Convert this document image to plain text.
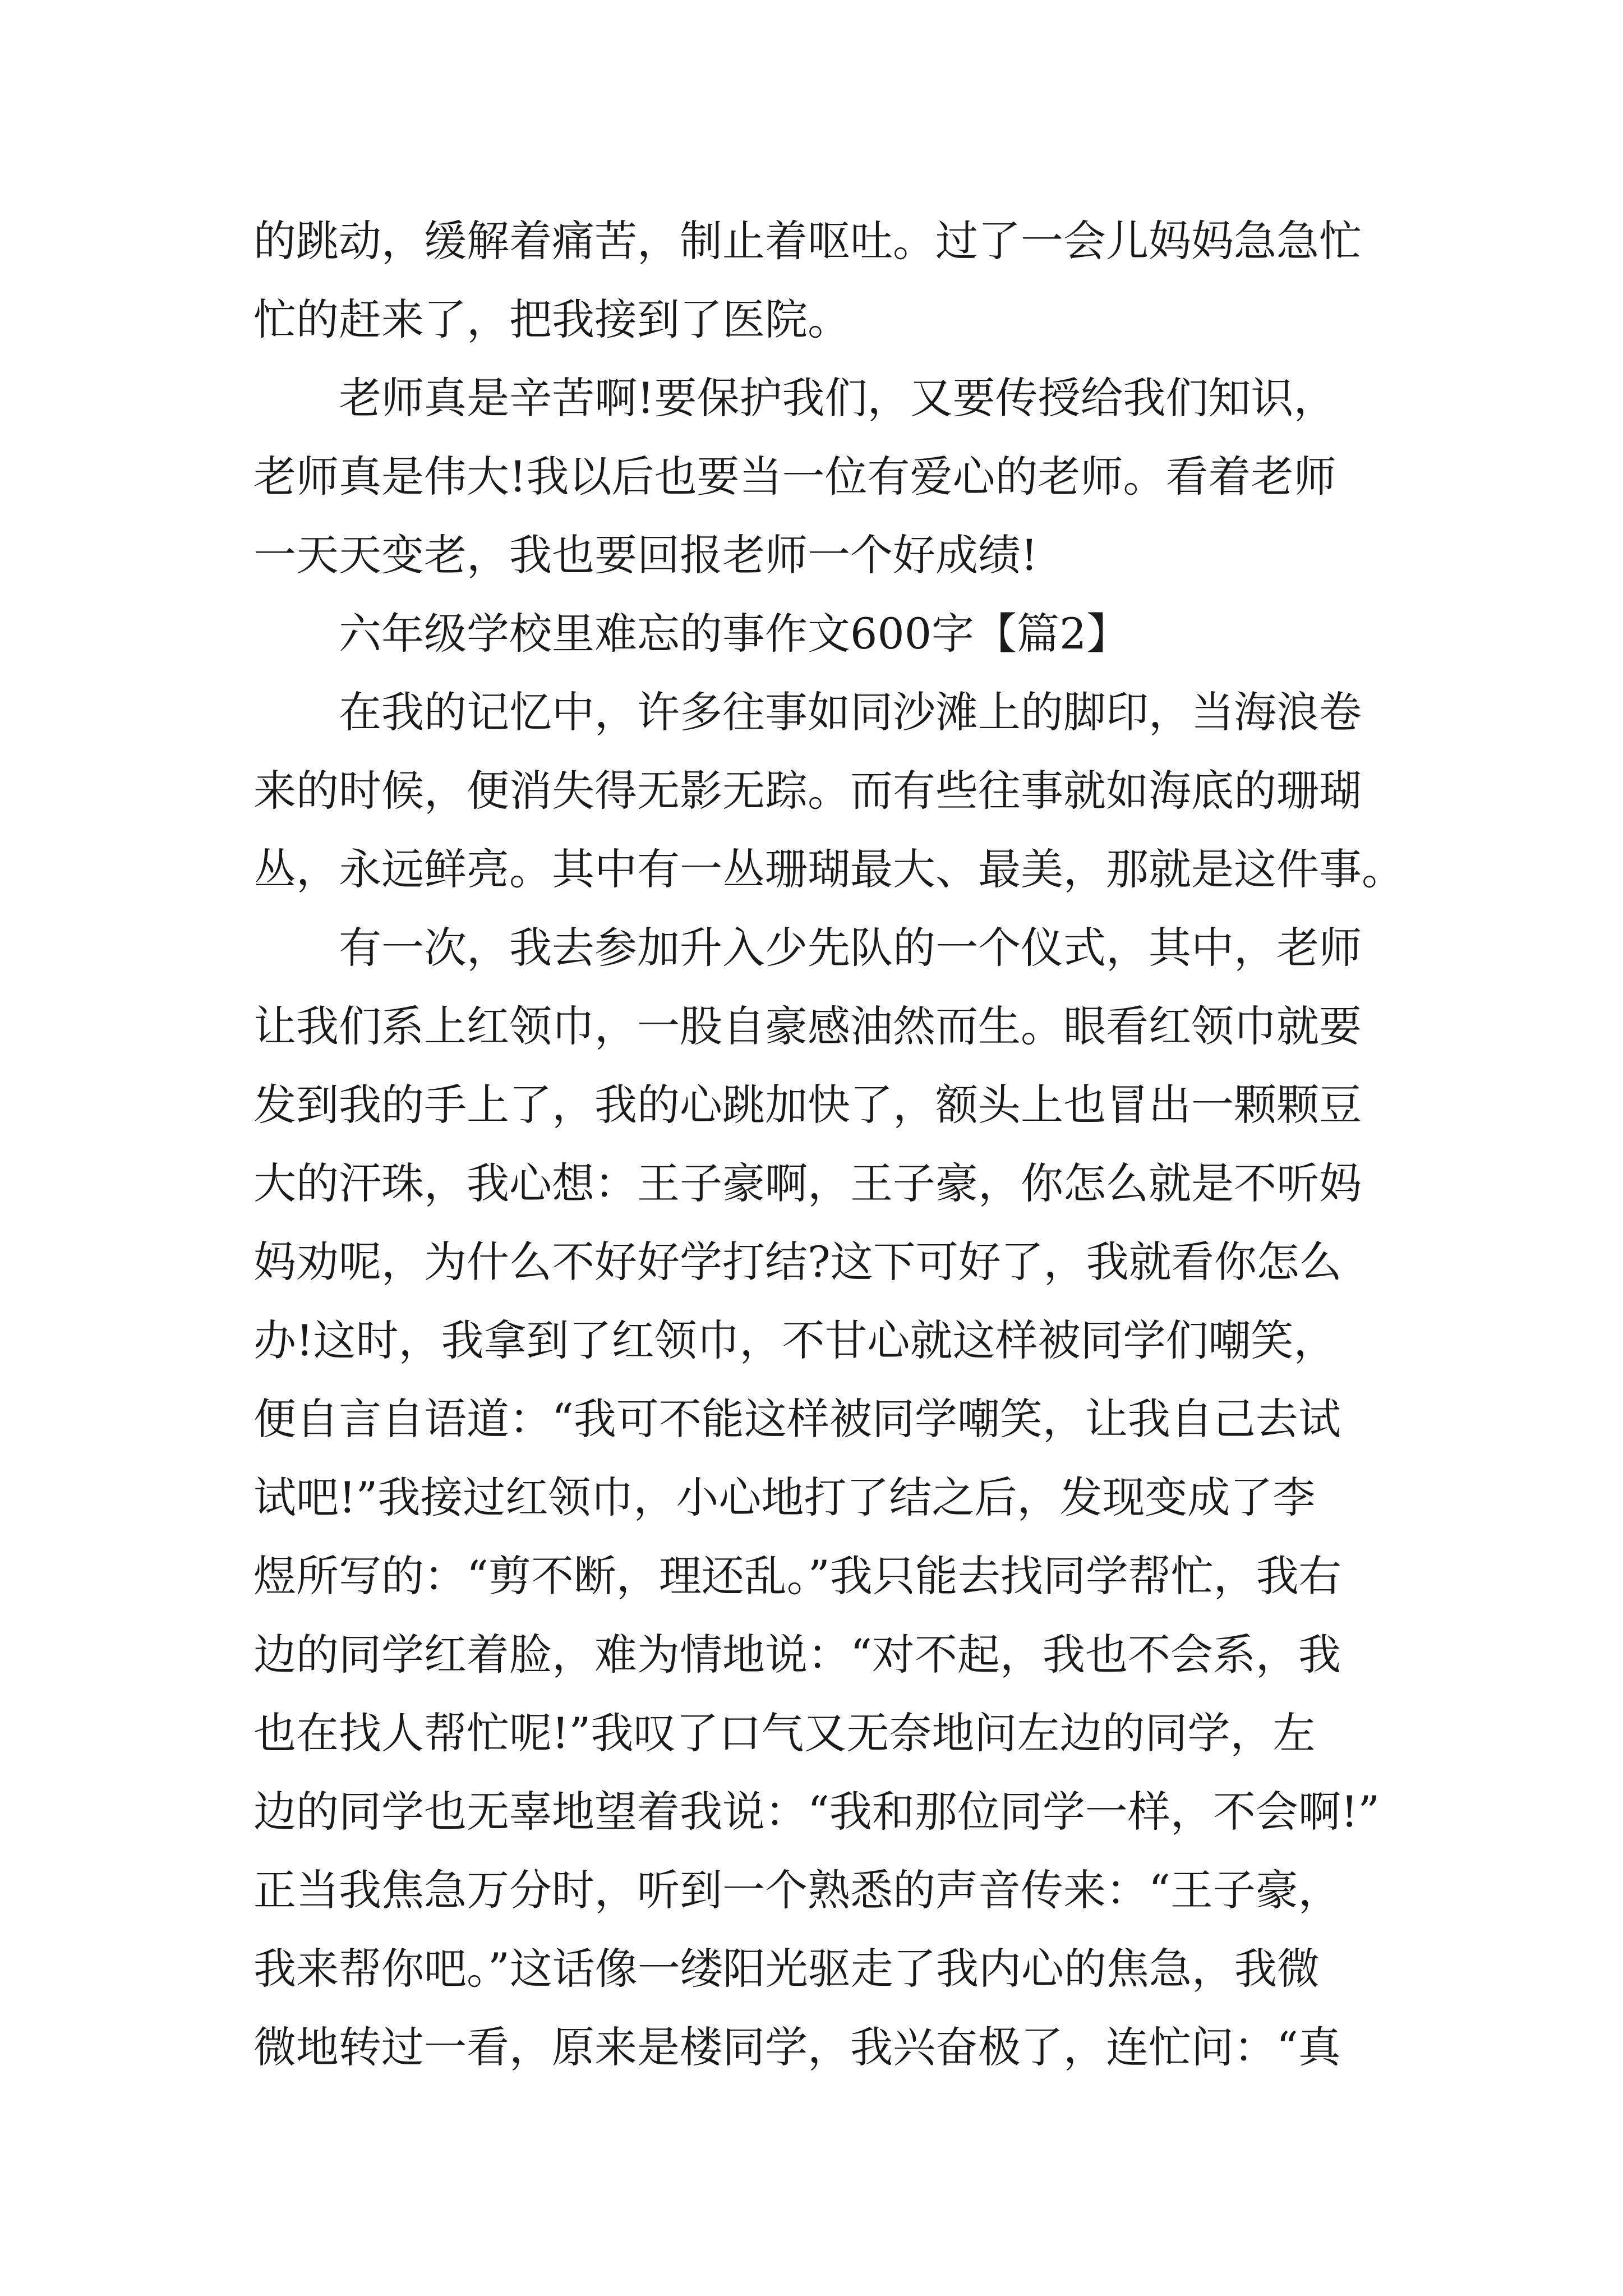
的跳动，缓解着痛苦，制止着呕吐。过了一会儿妈妈急急忙
忙的赶来了，把我接到了医院。
老师真是辛苦啊!要保护我们，又要传授给我们知识，
老师真是伟大!我以后也要当一位有爱心的老师。看着老师
一天天变老，我也要回报老师一个好成绩!
六年级学校里难忘的事作文600字【篇2】
在我的记忆中，许多往事如同沙滩上的脚印，当海浪卷
来的时候，便消失得无影无踪。而有些往事就如海底的珊瑚
丛，永远鲜亮。其中有一丛珊瑚最大、最美，那就是这件事。
有一次，我去参加升入少先队的一个仪式，其中，老师
让我们系上红领巾，一股自豪感油然而生。眼看红领巾就要
发到我的手上了，我的心跳加快了，额头上也冒出一颗颗豆
大的汗珠，我心想：王子豪啊，王子豪，你怎么就是不听妈
妈劝呢，为什么不好好学打结?这下可好了，我就看你怎么
办!这时，我拿到了红领巾，不甘心就这样被同学们嘲笑，
便自言自语道：“我可不能这样被同学嘲笑，让我自己去试
试吧!”我接过红领巾，小心地打了结之后，发现变成了李
煜所写的：“剪不断，理还乱。”我只能去找同学帮忙，我右
边的同学红着脸，难为情地说：“对不起，我也不会系，我
也在找人帮忙呢!”我叹了口气又无奈地问左边的同学，左
边的同学也无辜地望着我说：“我和那位同学一样，不会啊!”
正当我焦急万分时，听到一个熟悉的声音传来：“王子豪，
我来帮你吧。”这话像一缕阳光驱走了我内心的焦急，我微
微地转过一看，原来是楼同学，我兴奋极了，连忙问：“真
